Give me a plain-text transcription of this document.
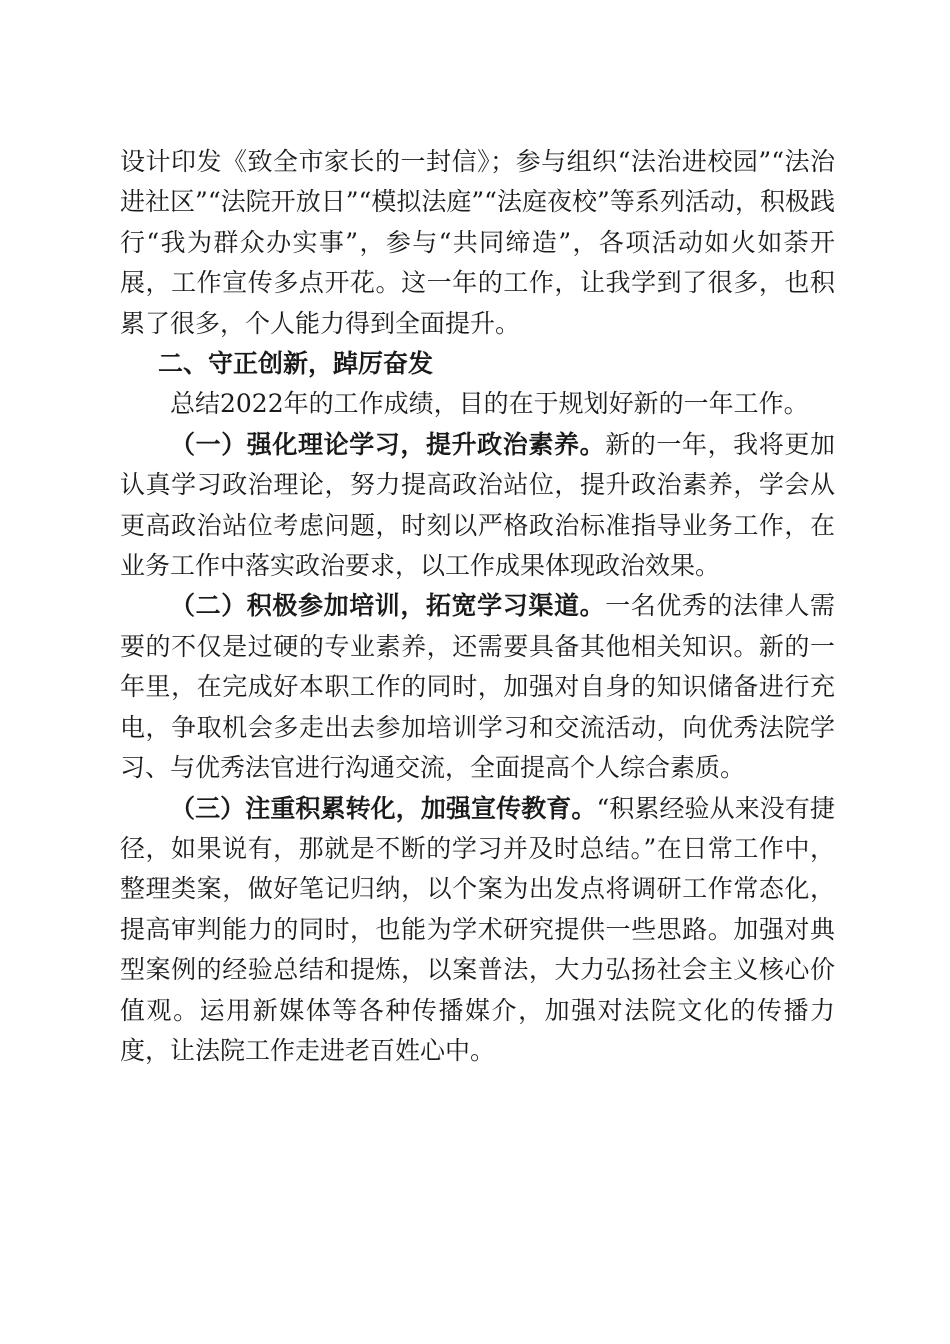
设计印发《致全市家长的一封信》；参与组织“法治进校园”“法治进社区”“法院开放日”“模拟法庭”“法庭夜校”等系列活动，积极践行“我为群众办实事”，参与“共同缔造”，各项活动如火如荼开展，工作宣传多点开花。这一年的工作，让我学到了很多，也积累了很多，个人能力得到全面提升。

二、守正创新，踔厉奋发

总结2022年的工作成绩，目的在于规划好新的一年工作。

（一）强化理论学习，提升政治素养。新的一年，我将更加认真学习政治理论，努力提高政治站位，提升政治素养，学会从更高政治站位考虑问题，时刻以严格政治标准指导业务工作，在业务工作中落实政治要求，以工作成果体现政治效果。

（二）积极参加培训，拓宽学习渠道。一名优秀的法律人需要的不仅是过硬的专业素养，还需要具备其他相关知识。新的一年里，在完成好本职工作的同时，加强对自身的知识储备进行充电，争取机会多走出去参加培训学习和交流活动，向优秀法院学习、与优秀法官进行沟通交流，全面提高个人综合素质。

（三）注重积累转化，加强宣传教育。“积累经验从来没有捷径，如果说有，那就是不断的学习并及时总结。”在日常工作中，整理类案，做好笔记归纳，以个案为出发点将调研工作常态化，提高审判能力的同时，也能为学术研究提供一些思路。加强对典型案例的经验总结和提炼，以案普法，大力弘扬社会主义核心价值观。运用新媒体等各种传播媒介，加强对法院文化的传播力度，让法院工作走进老百姓心中。
